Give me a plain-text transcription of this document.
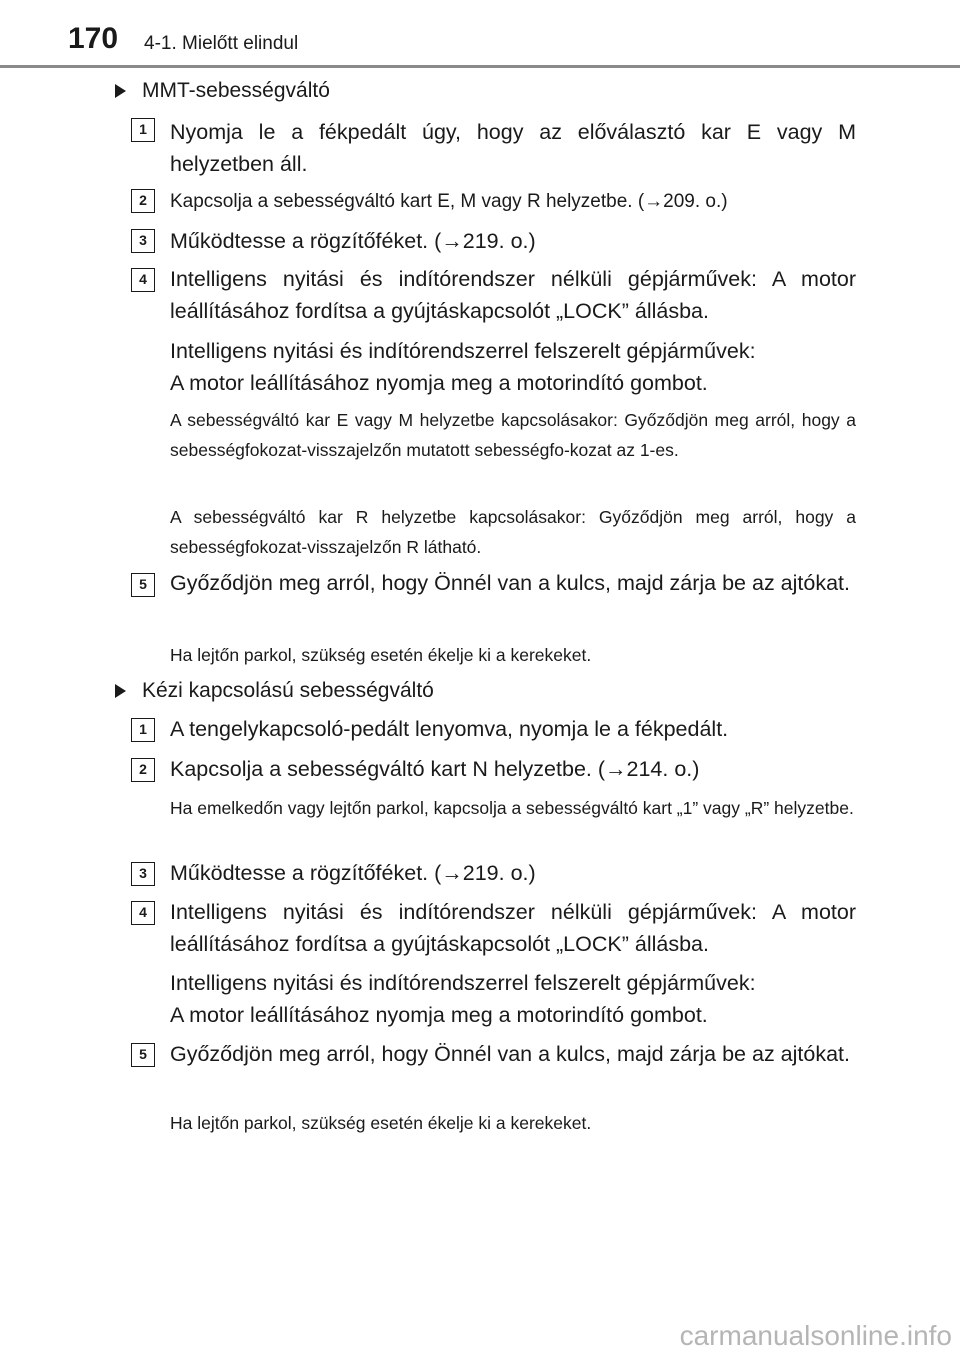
170 4-1. Mielőtt elindul
MMT-sebességváltó
1	Nyomja le a fékpedált úgy, hogy az előválasztó kar E vagy M helyzetben áll.

2	Kapcsolja a sebességváltó kart E, M vagy R helyzetbe. (→209. o.)

3	Működtesse a rögzítőféket. (→219. o.)

4	Intelligens nyitási és indítórendszer nélküli gépjárművek: A motor leállításához fordítsa a gyújtáskapcsolót „LOCK” állásba.

Intelligens nyitási és indítórendszerrel felszerelt gépjárművek:

A motor leállításához nyomja meg a motorindító gombot.

A sebességváltó kar E vagy M helyzetbe kapcsolásakor: Győződjön meg arról, hogy a sebességfokozat-visszajelzőn mutatott sebességfo-kozat az 1-es.

A sebességváltó kar R helyzetbe kapcsolásakor: Győződjön meg arról, hogy a sebességfokozat-visszajelzőn R látható.

5	Győződjön meg arról, hogy Önnél van a kulcs, majd zárja be az ajtókat.

Ha lejtőn parkol, szükség esetén ékelje ki a kerekeket.

Kézi kapcsolású sebességváltó
1	A tengelykapcsoló-pedált lenyomva, nyomja le a fékpedált.

2	Kapcsolja a sebességváltó kart N helyzetbe. (→214. o.)

Ha emelkedőn vagy lejtőn parkol, kapcsolja a sebességváltó kart „1” vagy „R” helyzetbe.

3	Működtesse a rögzítőféket. (→219. o.)

4	Intelligens nyitási és indítórendszer nélküli gépjárművek: A motor leállításához fordítsa a gyújtáskapcsolót „LOCK” állásba.

Intelligens nyitási és indítórendszerrel felszerelt gépjárművek:

A motor leállításához nyomja meg a motorindító gombot.

5	Győződjön meg arról, hogy Önnél van a kulcs, majd zárja be az ajtókat.

Ha lejtőn parkol, szükség esetén ékelje ki a kerekeket.

carmanualsonline.info
